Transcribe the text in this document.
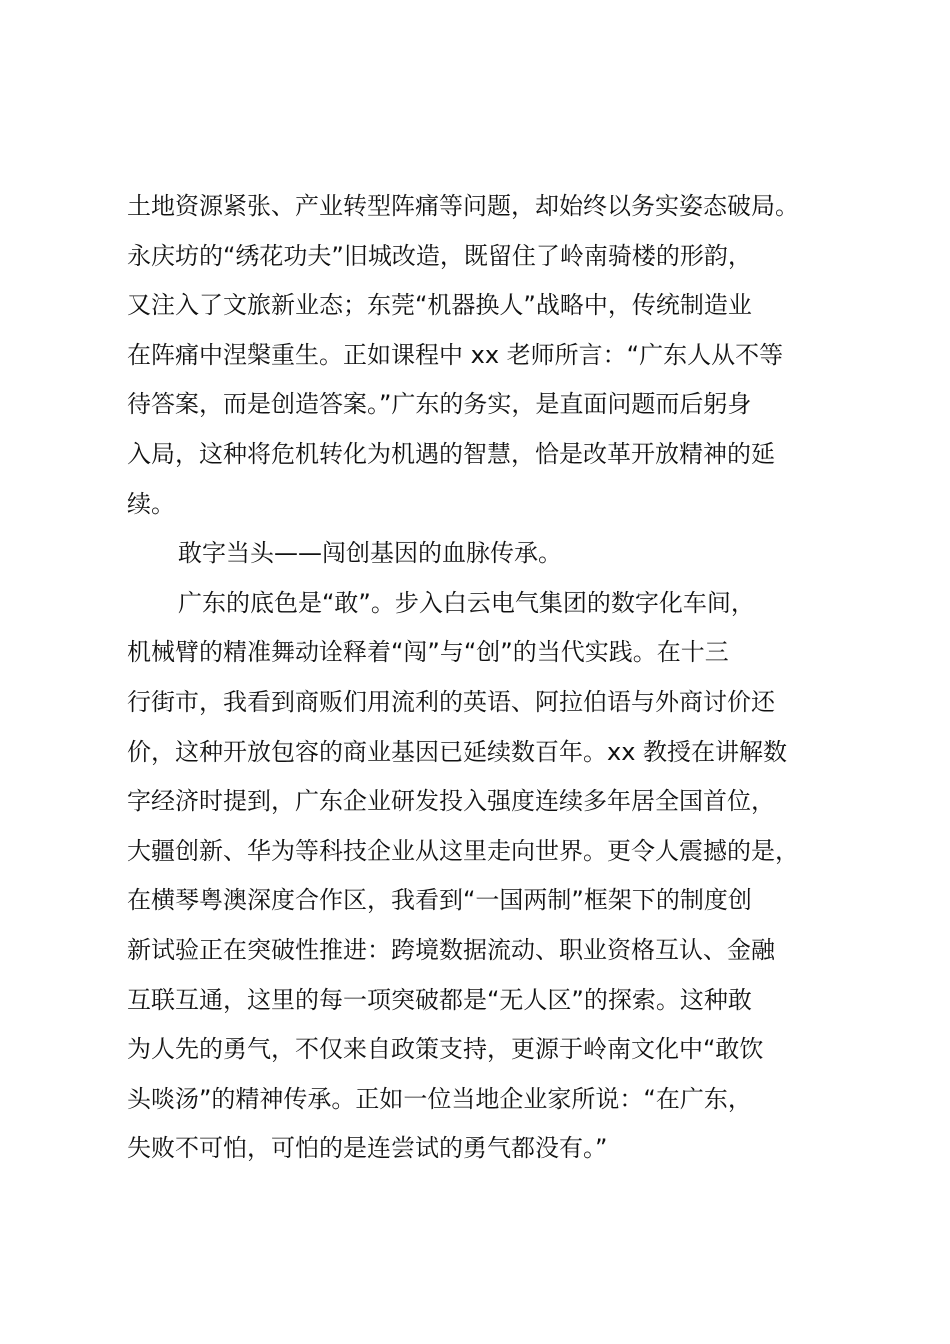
土地资源紧张、产业转型阵痛等问题，却始终以务实姿态破局。
永庆坊的“绣花功夫”旧城改造，既留住了岭南骑楼的形韵，
又注入了文旅新业态；东莞“机器换人”战略中，传统制造业
在阵痛中涅槃重生。正如课程中 xx 老师所言：“广东人从不等
待答案，而是创造答案。”广东的务实，是直面问题而后躬身
入局，这种将危机转化为机遇的智慧，恰是改革开放精神的延
续。
敢字当头——闯创基因的血脉传承。
广东的底色是“敢”。步入白云电气集团的数字化车间，
机械臂的精准舞动诠释着“闯”与“创”的当代实践。在十三
行街市，我看到商贩们用流利的英语、阿拉伯语与外商讨价还
价，这种开放包容的商业基因已延续数百年。xx 教授在讲解数
字经济时提到，广东企业研发投入强度连续多年居全国首位，
大疆创新、华为等科技企业从这里走向世界。更令人震撼的是，
在横琴粤澳深度合作区，我看到“一国两制”框架下的制度创
新试验正在突破性推进：跨境数据流动、职业资格互认、金融
互联互通，这里的每一项突破都是“无人区”的探索。这种敢
为人先的勇气，不仅来自政策支持，更源于岭南文化中“敢饮
头啖汤”的精神传承。正如一位当地企业家所说：“在广东，
失败不可怕，可怕的是连尝试的勇气都没有。”
